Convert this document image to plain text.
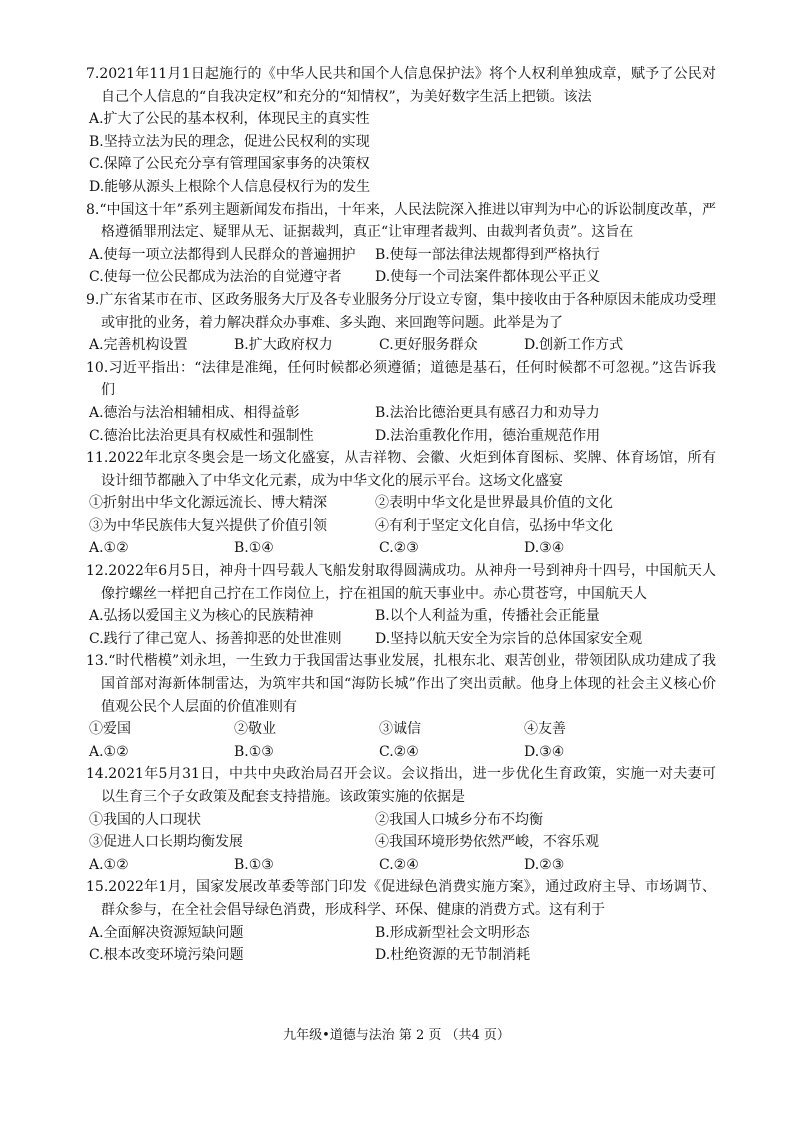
7.2021年11月1日起施行的《中华人民共和国个人信息保护法》将个人权利单独成章，赋予了公民对自己个人信息的“自我决定权”和充分的“知情权”，为美好数字生活上把锁。该法

A.扩大了公民的基本权利，体现民主的真实性
B.坚持立法为民的理念，促进公民权利的实现
C.保障了公民充分享有管理国家事务的决策权
D.能够从源头上根除个人信息侵权行为的发生

8.“中国这十年”系列主题新闻发布指出，十年来，人民法院深入推进以审判为中心的诉讼制度改革，严格遵循罪刑法定、疑罪从无、证据裁判，真正“让审理者裁判、由裁判者负责”。这旨在

A.使每一项立法都得到人民群众的普遍拥护	B.使每一部法律法规都得到严格执行
C.使每一位公民都成为法治的自觉遵守者	D.使每一个司法案件都体现公平正义

9.广东省某市在市、区政务服务大厅及各专业服务分厅设立专窗，集中接收由于各种原因未能成功受理或审批的业务，着力解决群众办事难、多头跑、来回跑等问题。此举是为了

A.完善机构设置	B.扩大政府权力	C.更好服务群众	D.创新工作方式

10.习近平指出：“法律是准绳，任何时候都必须遵循；道德是基石，任何时候都不可忽视。”这告诉我们

A.德治与法治相辅相成、相得益彰	B.法治比德治更具有感召力和劝导力
C.德治比法治更具有权威性和强制性	D.法治重教化作用，德治重规范作用

11.2022年北京冬奥会是一场文化盛宴，从吉祥物、会徽、火炬到体育图标、奖牌、体育场馆，所有设计细节都融入了中华文化元素，成为中华文化的展示平台。这场文化盛宴

①折射出中华文化源远流长、博大精深	②表明中华文化是世界最具价值的文化
③为中华民族伟大复兴提供了价值引领	④有利于坚定文化自信，弘扬中华文化
A.①②	B.①④	C.②③	D.③④

12.2022年6月5日，神舟十四号载人飞船发射取得圆满成功。从神舟一号到神舟十四号，中国航天人像拧螺丝一样把自己拧在工作岗位上，拧在祖国的航天事业中。赤心贯苍穹，中国航天人

A.弘扬以爱国主义为核心的民族精神	B.以个人利益为重，传播社会正能量
C.践行了律己宽人、扬善抑恶的处世准则	D.坚持以航天安全为宗旨的总体国家安全观

13.“时代楷模”刘永坦，一生致力于我国雷达事业发展，扎根东北、艰苦创业，带领团队成功建成了我国首部对海新体制雷达，为筑牢共和国“海防长城”作出了突出贡献。他身上体现的社会主义核心价值观公民个人层面的价值准则有

①爱国	②敬业	③诚信	④友善
A.①②	B.①③	C.②④	D.③④

14.2021年5月31日，中共中央政治局召开会议。会议指出，进一步优化生育政策，实施一对夫妻可以生育三个子女政策及配套支持措施。该政策实施的依据是

①我国的人口现状	②我国人口城乡分布不均衡
③促进人口长期均衡发展	④我国环境形势依然严峻，不容乐观
A.①②	B.①③	C.②④	D.②③

15.2022年1月，国家发展改革委等部门印发《促进绿色消费实施方案》，通过政府主导、市场调节、群众参与，在全社会倡导绿色消费，形成科学、环保、健康的消费方式。这有利于

A.全面解决资源短缺问题	B.形成新型社会文明形态
C.根本改变环境污染问题	D.杜绝资源的无节制消耗
九年级•道德与法治 第 2 页 （共4 页）
